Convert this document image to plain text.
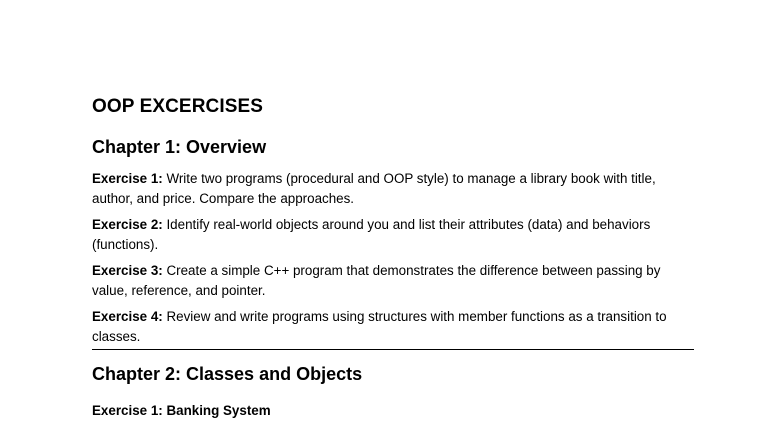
OOP EXCERCISES
Chapter 1: Overview

Exercise 1: Write two programs (procedural and OOP style) to manage a library book with title, author, and price. Compare the approaches.

Exercise 2: Identify real-world objects around you and list their attributes (data) and behaviors (functions).

Exercise 3: Create a simple C++ program that demonstrates the difference between passing by value, reference, and pointer.

Exercise 4: Review and write programs using structures with member functions as a transition to classes.

Chapter 2: Classes and Objects

Exercise 1: Banking System
